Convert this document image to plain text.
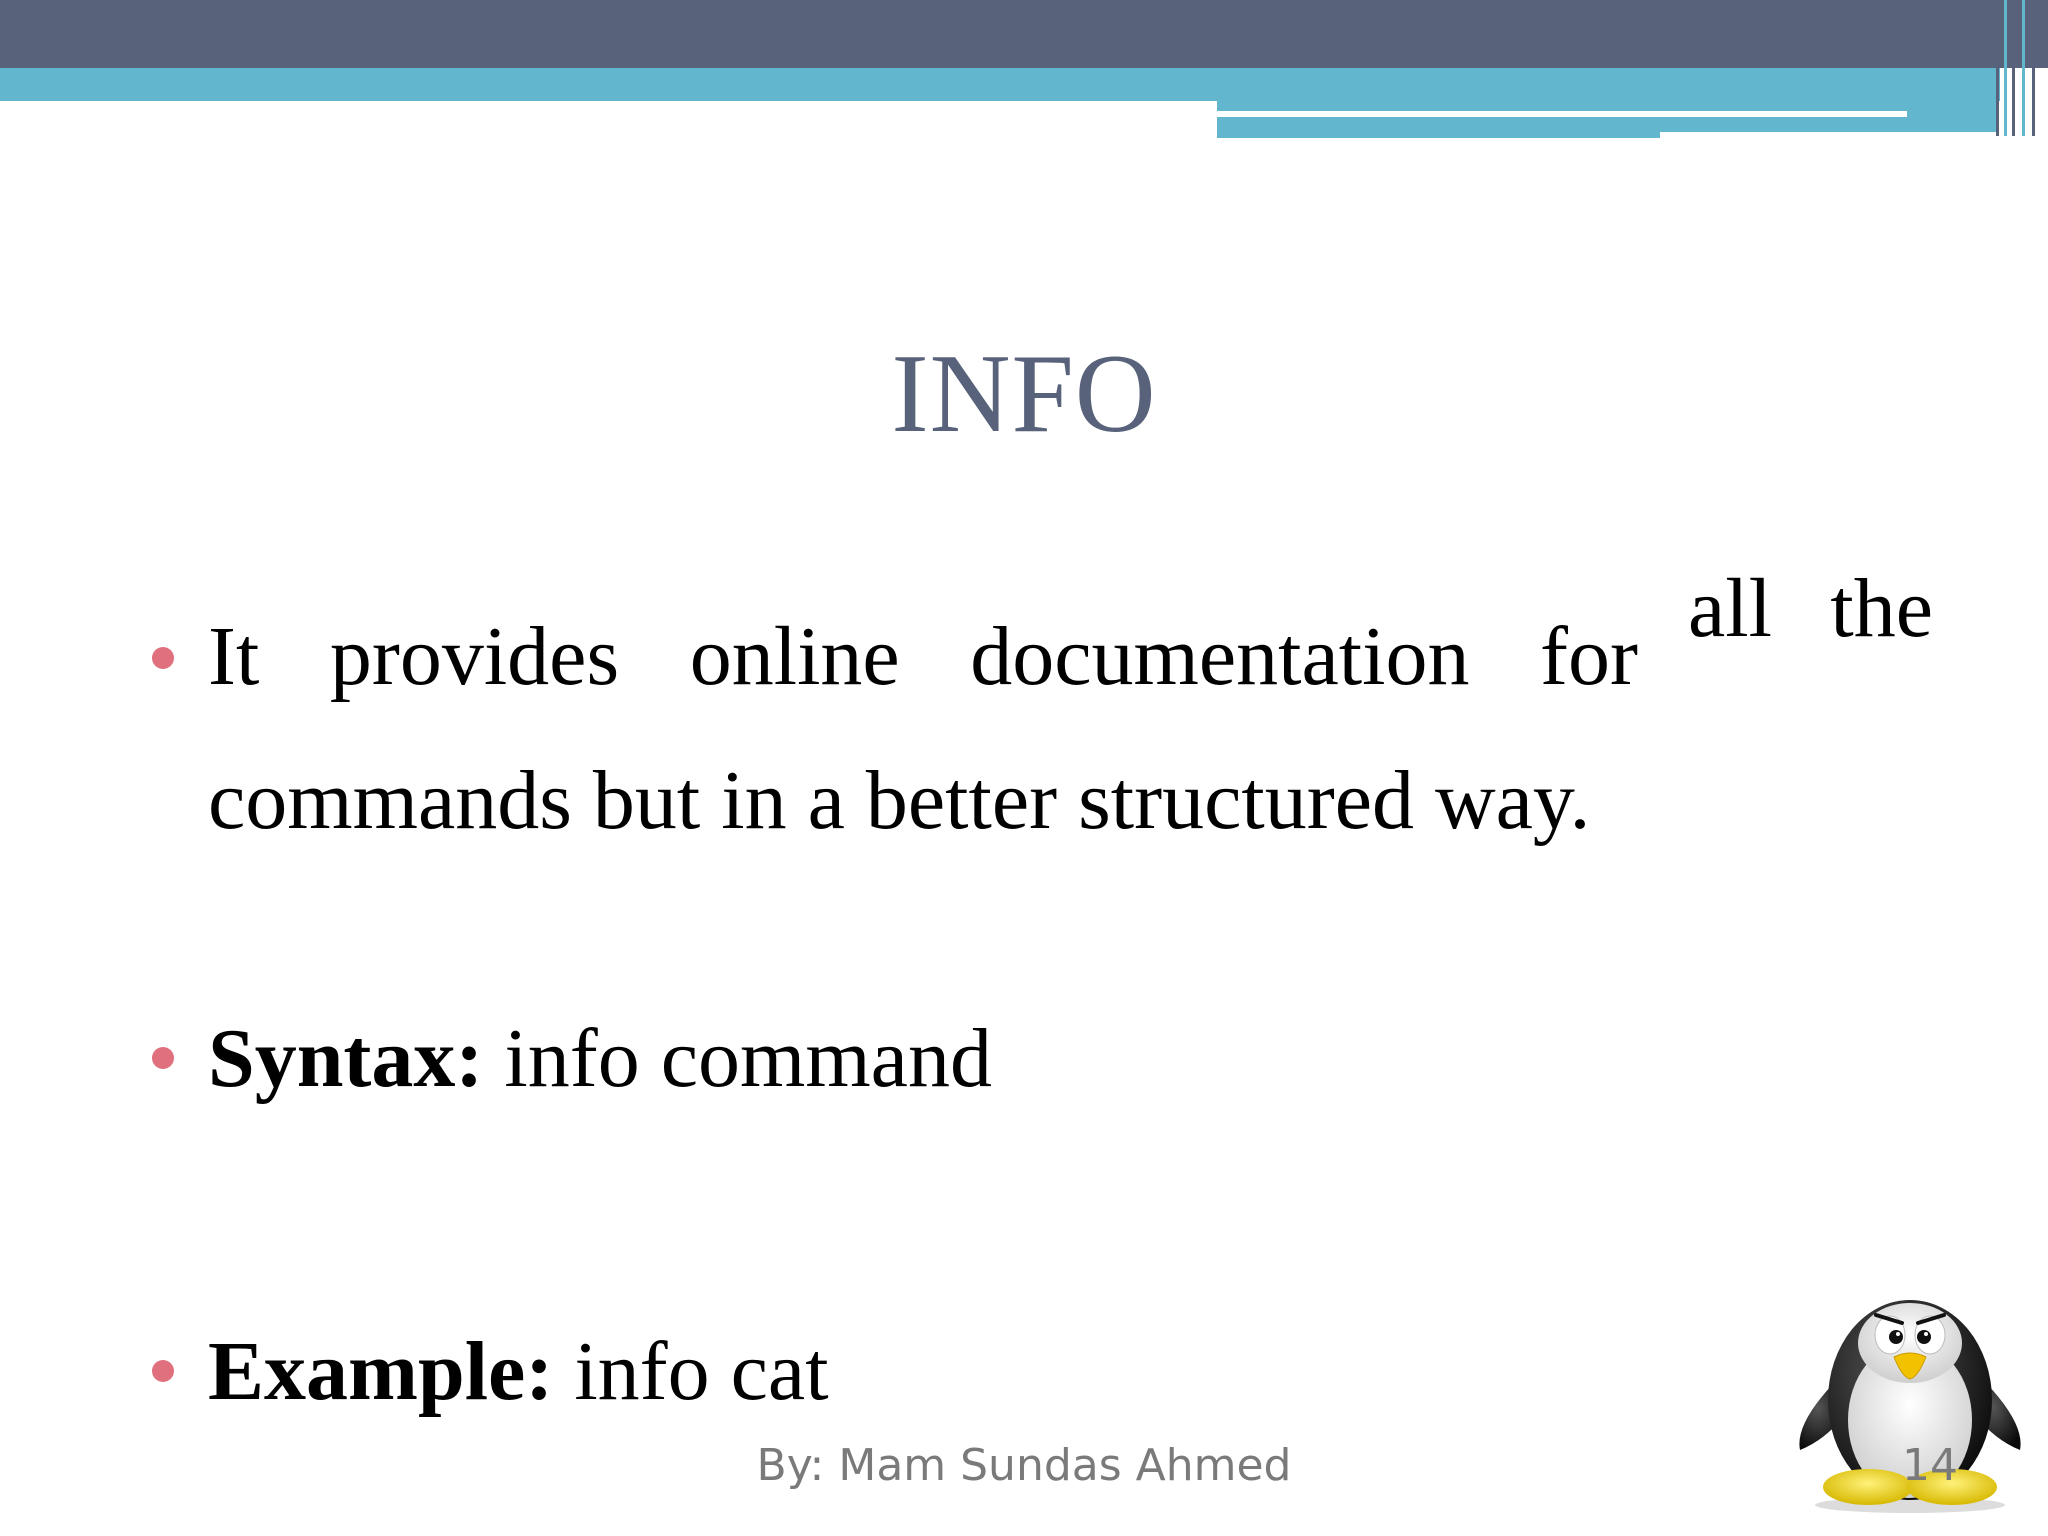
INFO
It provides online documentation for
all the
commands but in a better structured way.
Syntax: info command
Example: info cat
By: Mam Sundas Ahmed	14
